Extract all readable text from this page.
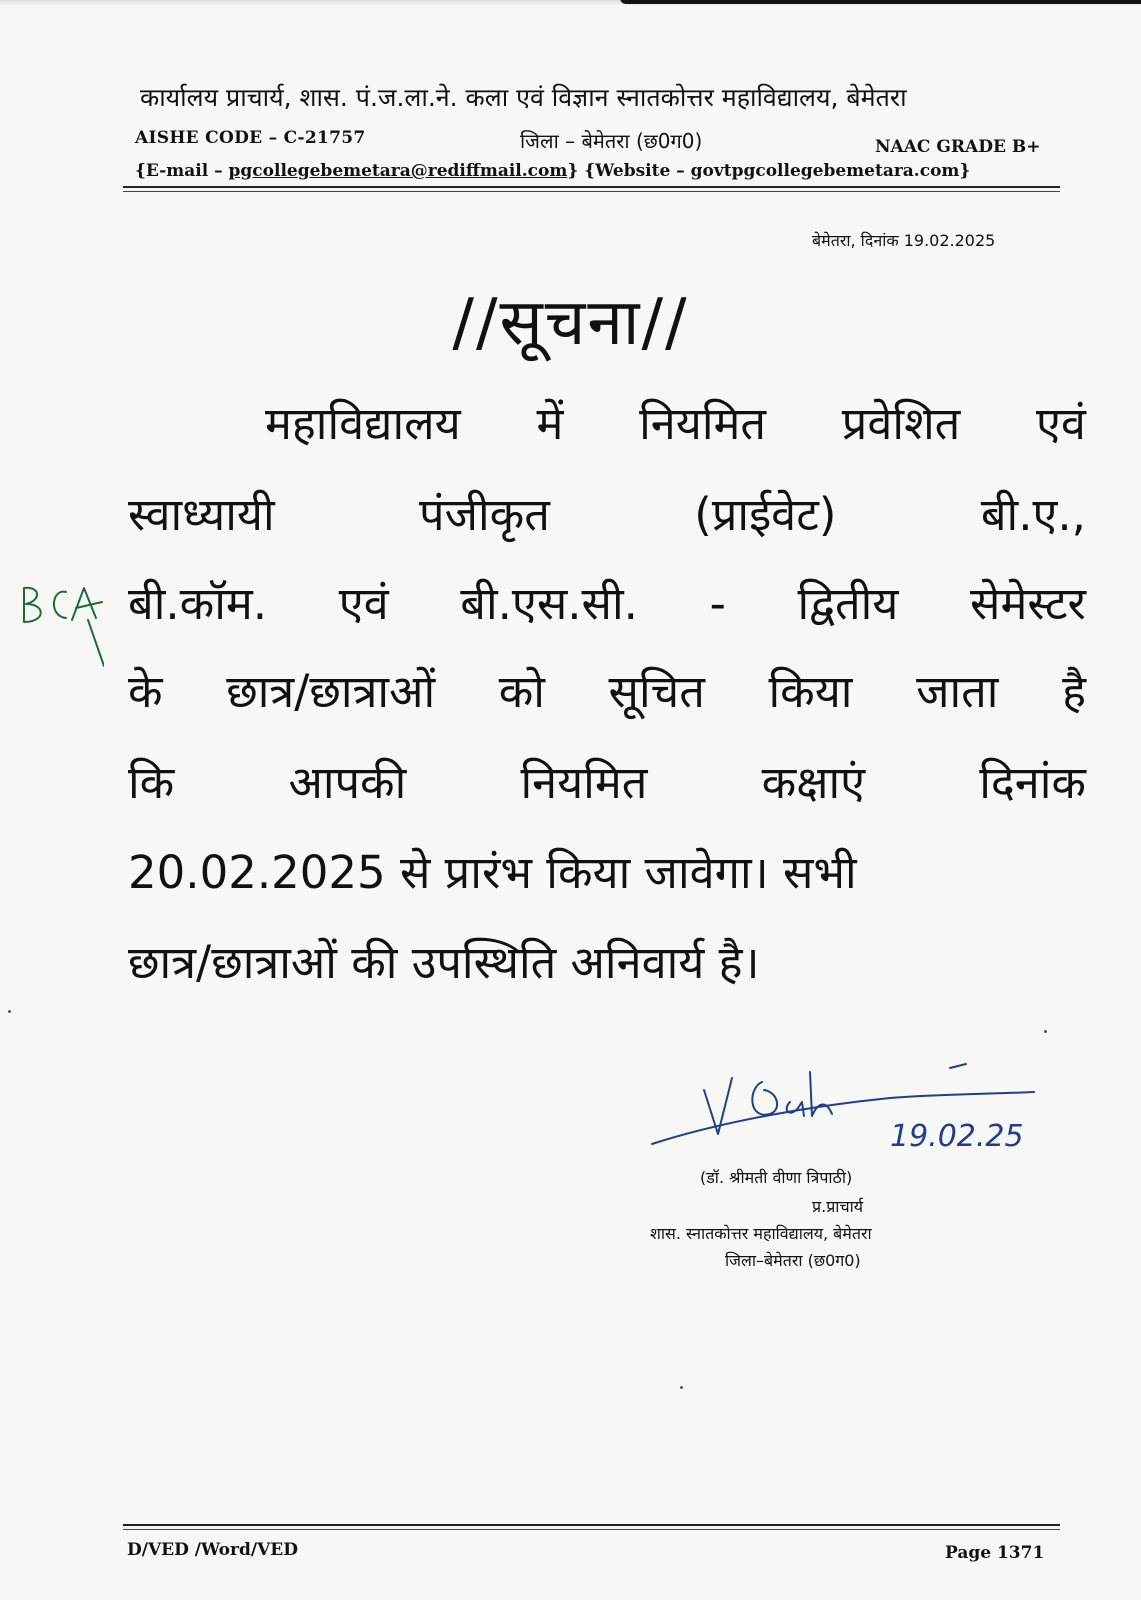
कार्यालय प्राचार्य, शास. पं.ज.ला.ने. कला एवं विज्ञान स्नातकोत्तर महाविद्यालय, बेमेतरा
AISHE CODE – C-21757	जिला – बेमेतरा (छ0ग0)	NAAC GRADE B+
{E-mail – pgcollegebemetara@rediffmail.com} {Website – govtpgcollegebemetara.com}
बेमेतरा, दिनांक 19.02.2025
//सूचना//
महाविद्यालय में नियमित प्रवेशित एवं
स्वाध्यायी	पंजीकृत	(प्राईवेट)	बी.ए.,
बी.कॉम. एवं बी.एस.सी. - द्वितीय सेमेस्टर
के छात्र/छात्राओं को सूचित किया जाता है
कि	आपकी	नियमित	कक्षाएं	दिनांक
20.02.2025 से प्रारंभ किया जावेगा। सभी
छात्र/छात्राओं की उपस्थिति अनिवार्य है।
19.02.25
(डॉ. श्रीमती वीणा त्रिपाठी)
प्र.प्राचार्य
शास. स्नातकोत्तर महाविद्यालय, बेमेतरा
जिला–बेमेतरा (छ0ग0)
D/VED /Word/VED	Page 1371
